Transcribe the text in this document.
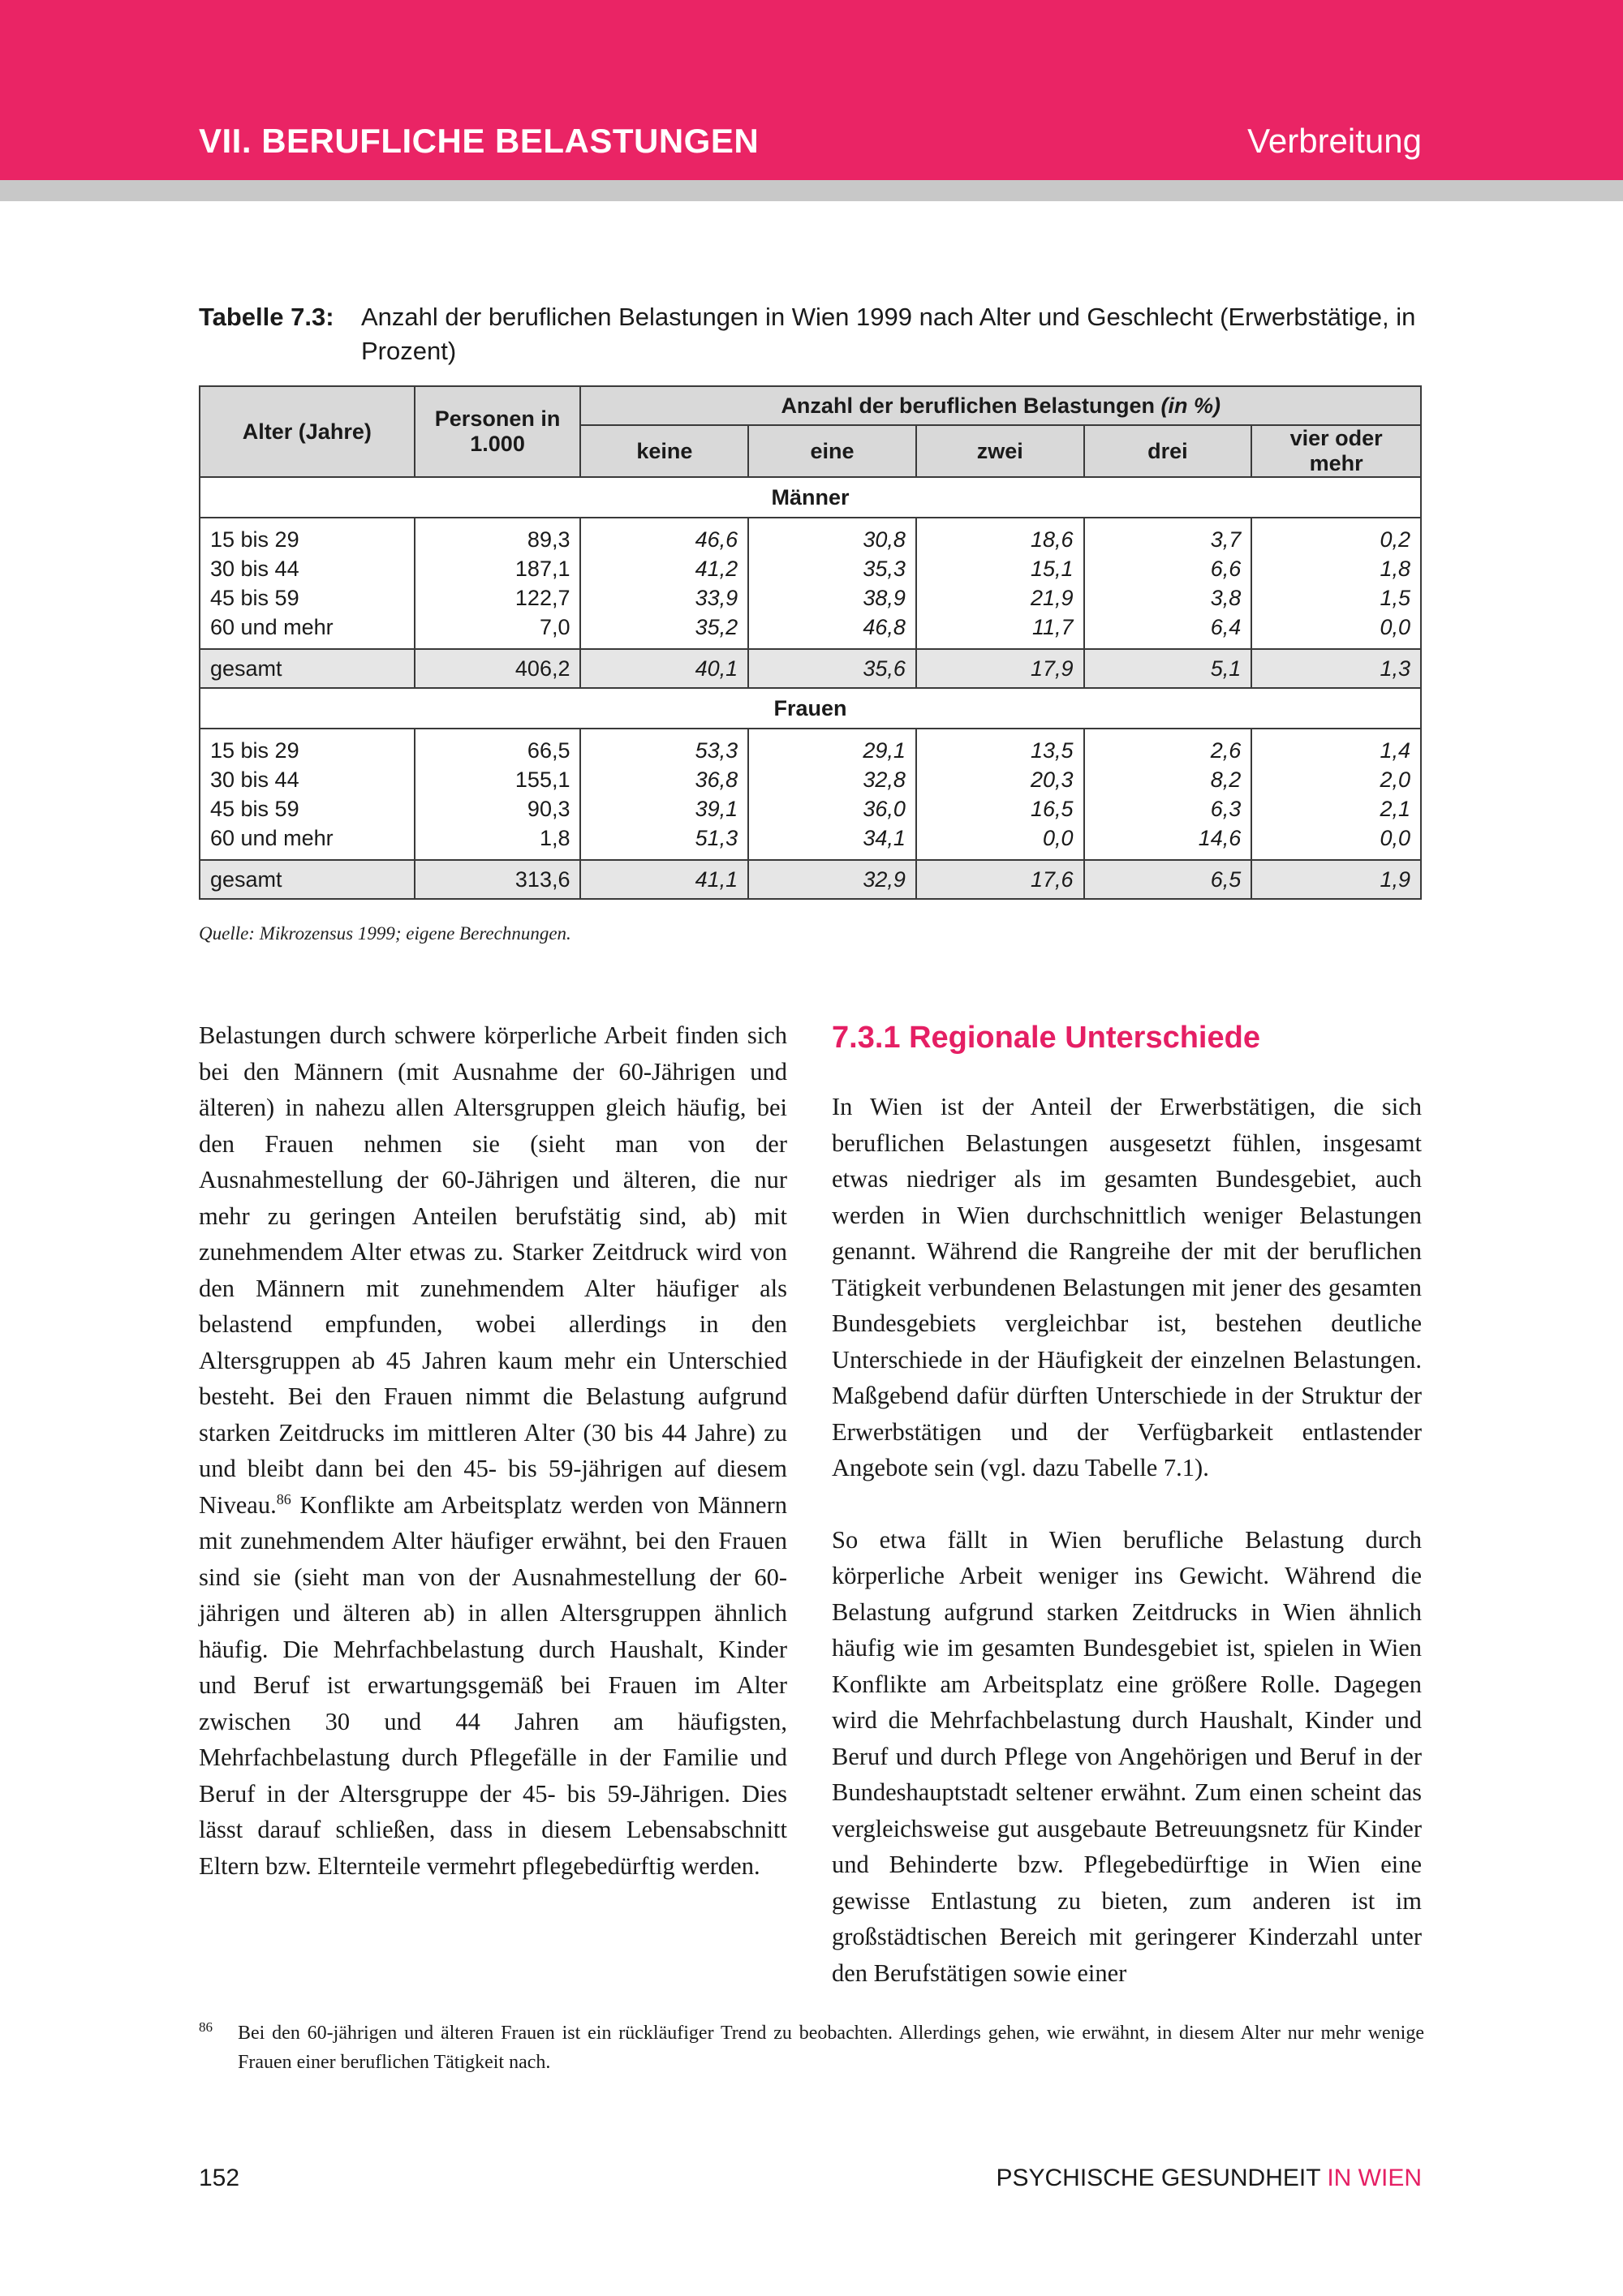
VII. BERUFLICHE BELASTUNGEN	Verbreitung
Tabelle 7.3:	Anzahl der beruflichen Belastungen in Wien 1999 nach Alter und Geschlecht (Erwerbstätige, in Prozent)
Alter (Jahre)	Personen in 1.000	Anzahl der beruflichen Belastungen (in %)				
		keine	eine	zwei	drei	vier oder mehr
Männer						
15 bis 29	89,3	46,6	30,8	18,6	3,7	0,2
30 bis 44	187,1	41,2	35,3	15,1	6,6	1,8
45 bis 59	122,7	33,9	38,9	21,9	3,8	1,5
60 und mehr	7,0	35,2	46,8	11,7	6,4	0,0
gesamt	406,2	40,1	35,6	17,9	5,1	1,3
Frauen						
15 bis 29	66,5	53,3	29,1	13,5	2,6	1,4
30 bis 44	155,1	36,8	32,8	20,3	8,2	2,0
45 bis 59	90,3	39,1	36,0	16,5	6,3	2,1
60 und mehr	1,8	51,3	34,1	0,0	14,6	0,0
gesamt	313,6	41,1	32,9	17,6	6,5	1,9
Quelle: Mikrozensus 1999; eigene Berechnungen.

Belastungen durch schwere körperliche Arbeit finden sich bei den Männern (mit Ausnahme der 60-Jährigen und älteren) in nahezu allen Altersgruppen gleich häufig, bei den Frauen nehmen sie (sieht man von der Ausnahmestellung der 60-Jährigen und älteren, die nur mehr zu geringen Anteilen berufstätig sind, ab) mit zunehmendem Alter etwas zu. Starker Zeitdruck wird von den Männern mit zunehmendem Alter häufiger als belastend empfunden, wobei allerdings in den Altersgruppen ab 45 Jahren kaum mehr ein Unterschied besteht. Bei den Frauen nimmt die Belastung aufgrund starken Zeitdrucks im mittleren Alter (30 bis 44 Jahre) zu und bleibt dann bei den 45- bis 59-jährigen auf diesem Niveau.$^{86}$ Konflikte am Arbeitsplatz werden von Männern mit zunehmendem Alter häufiger erwähnt, bei den Frauen sind sie (sieht man von der Ausnahmestellung der 60-jährigen und älteren ab) in allen Altersgruppen ähnlich häufig. Die Mehrfachbelastung durch Haushalt, Kinder und Beruf ist erwartungsgemäß bei Frauen im Alter zwischen 30 und 44 Jahren am häufigsten, Mehrfachbelastung durch Pflegefälle in der Familie und Beruf in der Altersgruppe der 45- bis 59-Jährigen. Dies lässt darauf schließen, dass in diesem Lebensabschnitt Eltern bzw. Elternteile vermehrt pflegebedürftig werden.

7.3.1 Regionale Unterschiede

In Wien ist der Anteil der Erwerbstätigen, die sich beruflichen Belastungen ausgesetzt fühlen, insgesamt etwas niedriger als im gesamten Bundesgebiet, auch werden in Wien durchschnittlich weniger Belastungen genannt. Während die Rangreihe der mit der beruflichen Tätigkeit verbundenen Belastungen mit jener des gesamten Bundesgebiets vergleichbar ist, bestehen deutliche Unterschiede in der Häufigkeit der einzelnen Belastungen. Maßgebend dafür dürften Unterschiede in der Struktur der Erwerbstätigen und der Verfügbarkeit entlastender Angebote sein (vgl. dazu Tabelle 7.1).

So etwa fällt in Wien berufliche Belastung durch körperliche Arbeit weniger ins Gewicht. Während die Belastung aufgrund starken Zeitdrucks in Wien ähnlich häufig wie im gesamten Bundesgebiet ist, spielen in Wien Konflikte am Arbeitsplatz eine größere Rolle. Dagegen wird die Mehrfachbelastung durch Haushalt, Kinder und Beruf und durch Pflege von Angehörigen und Beruf in der Bundeshauptstadt seltener erwähnt. Zum einen scheint das vergleichsweise gut ausgebaute Betreuungsnetz für Kinder und Behinderte bzw. Pflegebedürftige in Wien eine gewisse Entlastung zu bieten, zum anderen ist im großstädtischen Bereich mit geringerer Kinderzahl unter den Berufstätigen sowie einer

86	Bei den 60-jährigen und älteren Frauen ist ein rückläufiger Trend zu beobachten. Allerdings gehen, wie erwähnt, in diesem Alter nur mehr wenige Frauen einer beruflichen Tätigkeit nach.
152	PSYCHISCHE GESUNDHEIT IN WIEN
